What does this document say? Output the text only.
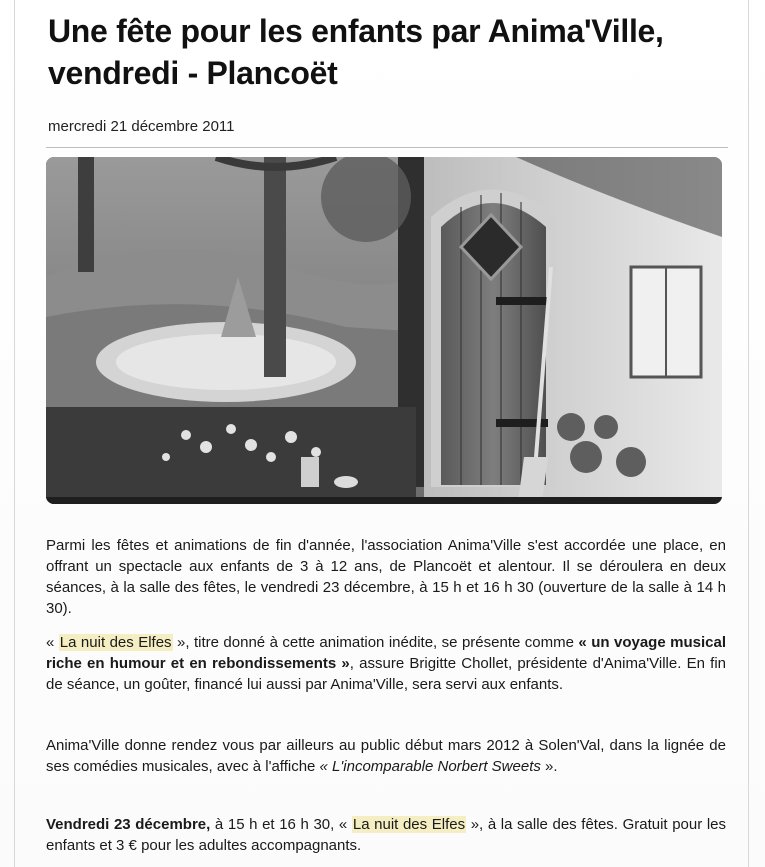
Une fête pour les enfants par Anima'Ville,
vendredi - Plancoët
mercredi 21 décembre 2011

Parmi les fêtes et animations de fin d'année, l'association Anima'Ville s'est accordée une place, en offrant un spectacle aux enfants de 3 à 12 ans, de Plancoët et alentour. Il se déroulera en deux séances, à la salle des fêtes, le vendredi 23 décembre, à 15 h et 16 h 30 (ouverture de la salle à 14 h 30).

« La nuit des Elfes », titre donné à cette animation inédite, se présente comme « un voyage musical riche en humour et en rebondissements », assure Brigitte Chollet, présidente d'Anima'Ville. En fin de séance, un goûter, financé lui aussi par Anima'Ville, sera servi aux enfants.

Anima'Ville donne rendez vous par ailleurs au public début mars 2012 à Solen'Val, dans la lignée de ses comédies musicales, avec à l'affiche « L'incomparable Norbert Sweets ».

Vendredi 23 décembre, à 15 h et 16 h 30, « La nuit des Elfes », à la salle des fêtes. Gratuit pour les enfants et 3 € pour les adultes accompagnants.
